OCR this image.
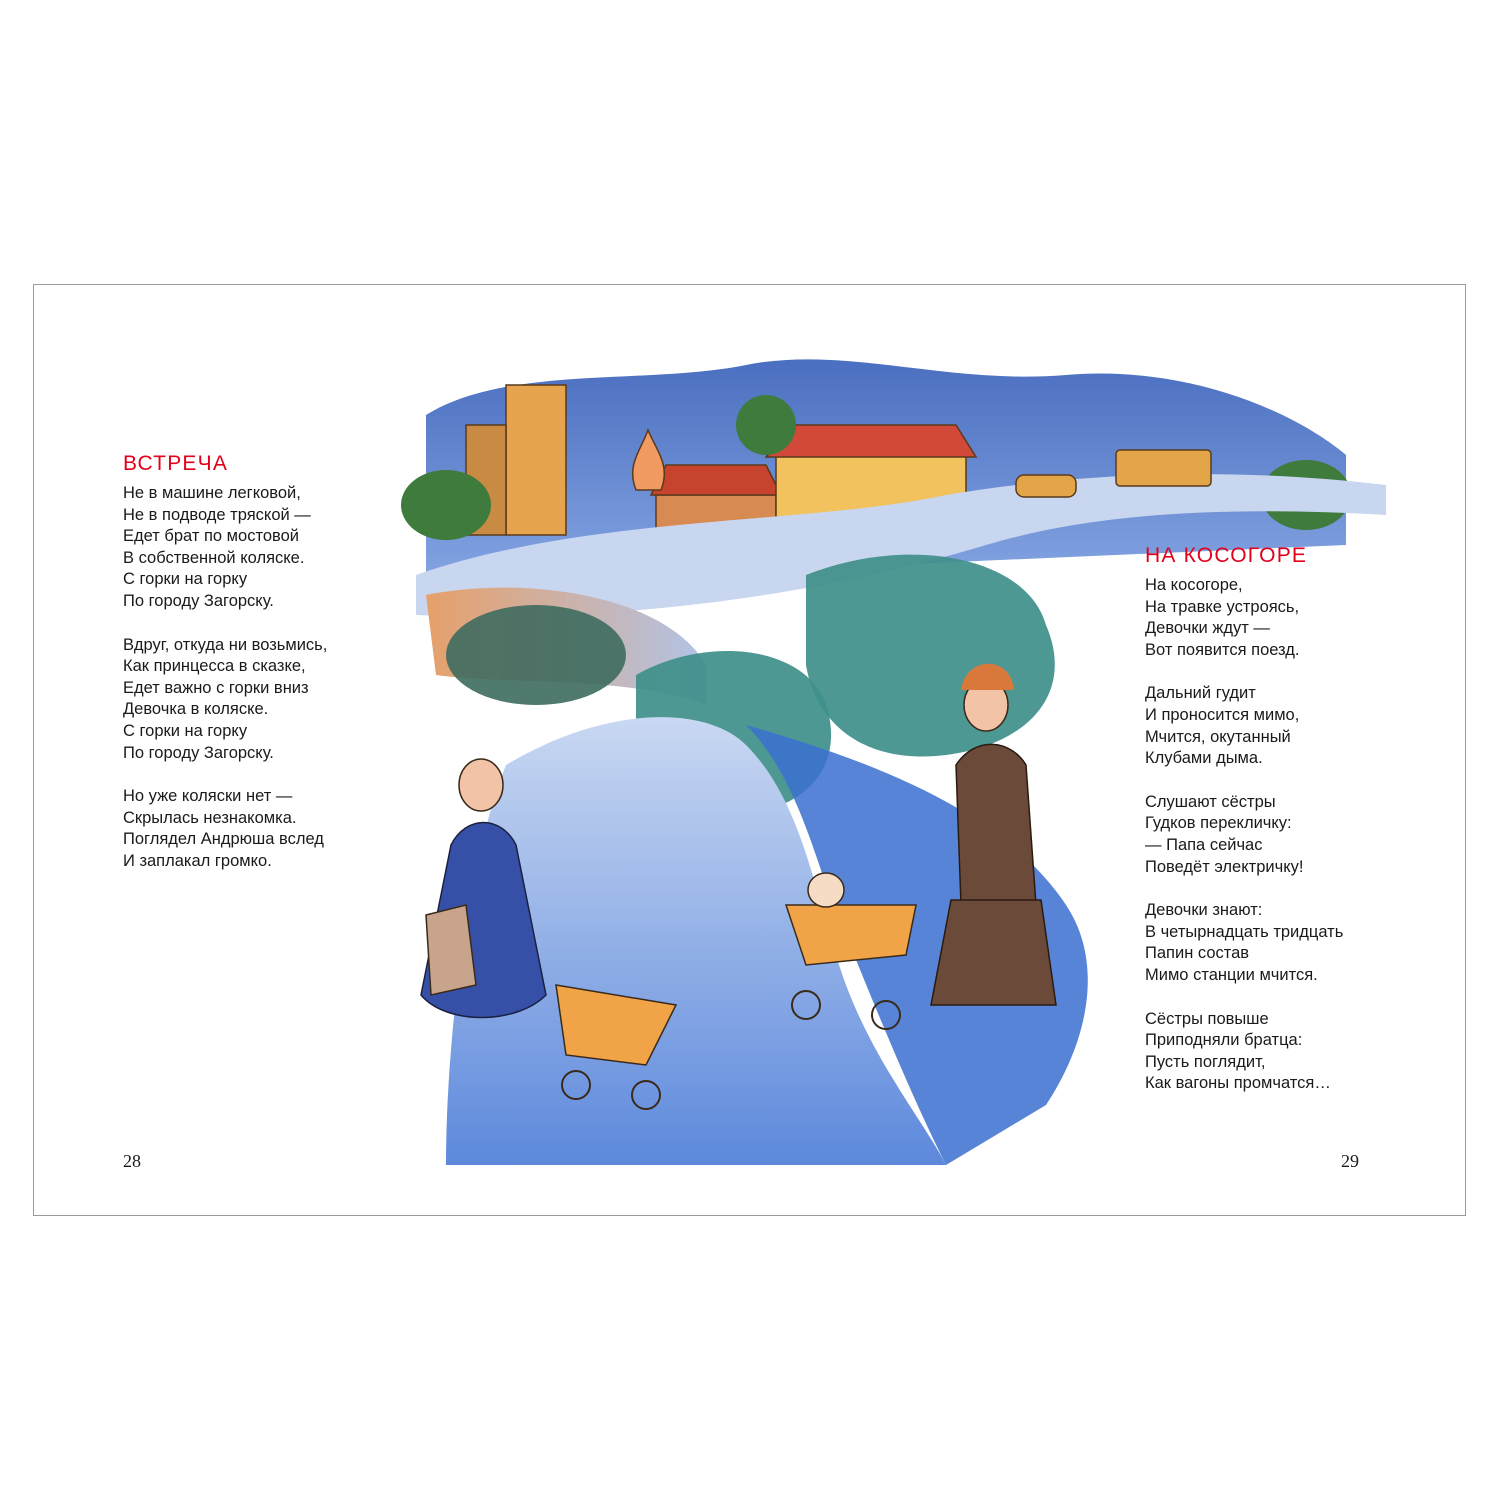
ВСТРЕЧА
Не в машине легковой,
Не в подводе тряской —
Едет брат по мостовой
В собственной коляске.
С горки на горку
По городу Загорску.
Вдруг, откуда ни возьмись,
Как принцесса в сказке,
Едет важно с горки вниз
Девочка в коляске.
С горки на горку
По городу Загорску.
Но уже коляски нет —
Скрылась незнакомка.
Поглядел Андрюша вслед
И заплакал громко.
28
НА КОСОГОРЕ
На косогоре,
На травке устроясь,
Девочки ждут —
Вот появится поезд.
Дальний гудит
И проносится мимо,
Мчится, окутанный
Клубами дыма.
Слушают сёстры
Гудков перекличку:
— Папа сейчас
Поведёт электричку!
Девочки знают:
В четырнадцать тридцать
Папин состав
Мимо станции мчится.
Сёстры повыше
Приподняли братца:
Пусть поглядит,
Как вагоны промчатся…
29
